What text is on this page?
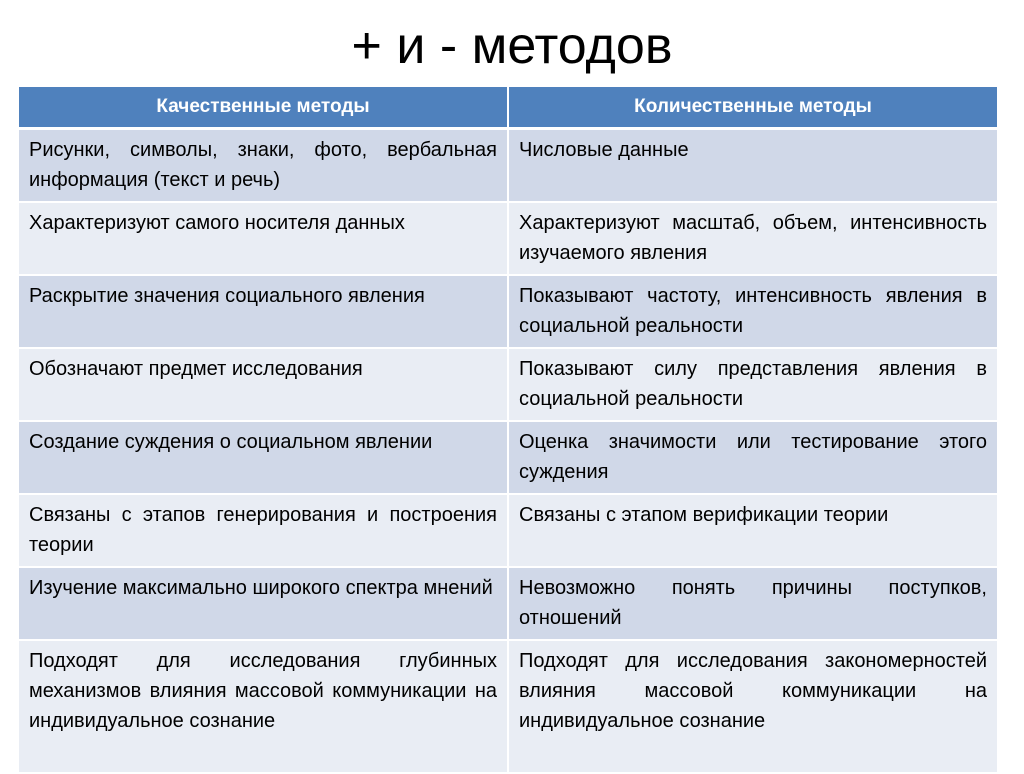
+ и - методов
Качественные методы	Количественные методы
Рисунки, символы, знаки, фото, вербальная информация (текст и речь)	Числовые данные
Характеризуют самого носителя данных	Характеризуют масштаб, объем, интенсивность изучаемого явления
Раскрытие значения социального явления	Показывают частоту, интенсивность явления в социальной реальности
Обозначают предмет исследования	Показывают силу представления явления в социальной реальности
Создание суждения о социальном явлении	Оценка значимости или тестирование этого суждения
Связаны с этапов генерирования и построения теории	Связаны с этапом верификации теории
Изучение максимально широкого спектра мнений	Невозможно понять причины поступков, отношений
Подходят для исследования глубинных механизмов влияния массовой коммуникации на индивидуальное сознание	Подходят для исследования закономерностей влияния массовой коммуникации на индивидуальное сознание
